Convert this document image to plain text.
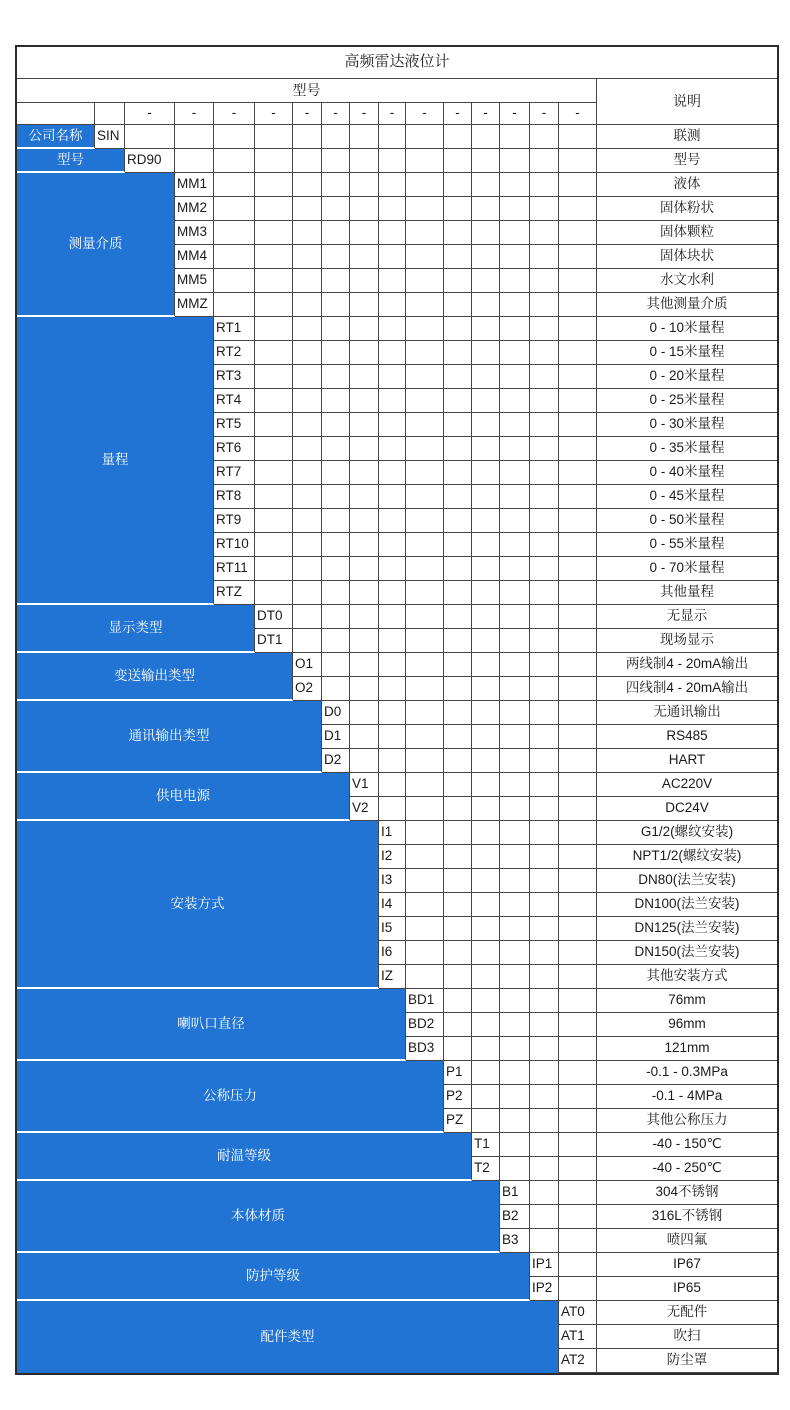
高频雷达液位计																
型号																说明
		-	-	-	-	-	-	-	-	-	-	-	-	-	-	
公司名称	SIN															联测
型号		RD90														型号
测量介质			MM1													液体
			MM2													固体粉状
			MM3													固体颗粒
			MM4													固体块状
			MM5													水文水利
			MMZ													其他测量介质
量程				RT1												0 - 10米量程
				RT2												0 - 15米量程
				RT3												0 - 20米量程
				RT4												0 - 25米量程
				RT5												0 - 30米量程
				RT6												0 - 35米量程
				RT7												0 - 40米量程
				RT8												0 - 45米量程
				RT9												0 - 50米量程
				RT10												0 - 55米量程
				RT11												0 - 70米量程
				RTZ												其他量程
显示类型					DT0											无显示
					DT1											现场显示
变送输出类型						O1										两线制4 - 20mA输出
						O2										四线制4 - 20mA输出
通讯输出类型							D0									无通讯输出
							D1									RS485
							D2									HART
供电电源								V1								AC220V
								V2								DC24V
安装方式									I1							G1/2(螺纹安装)
									I2							NPT1/2(螺纹安装)
									I3							DN80(法兰安装)
									I4							DN100(法兰安装)
									I5							DN125(法兰安装)
									I6							DN150(法兰安装)
									IZ							其他安装方式
喇叭口直径										BD1						76mm
										BD2						96mm
										BD3						121mm
公称压力											P1					-0.1 - 0.3MPa
											P2					-0.1 - 4MPa
											PZ					其他公称压力
耐温等级												T1				-40 - 150℃
												T2				-40 - 250℃
本体材质													B1			304不锈钢
													B2			316L不锈钢
													B3			喷四氟
防护等级														IP1		IP67
														IP2		IP65
配件类型															AT0	无配件
															AT1	吹扫
															AT2	防尘罩
